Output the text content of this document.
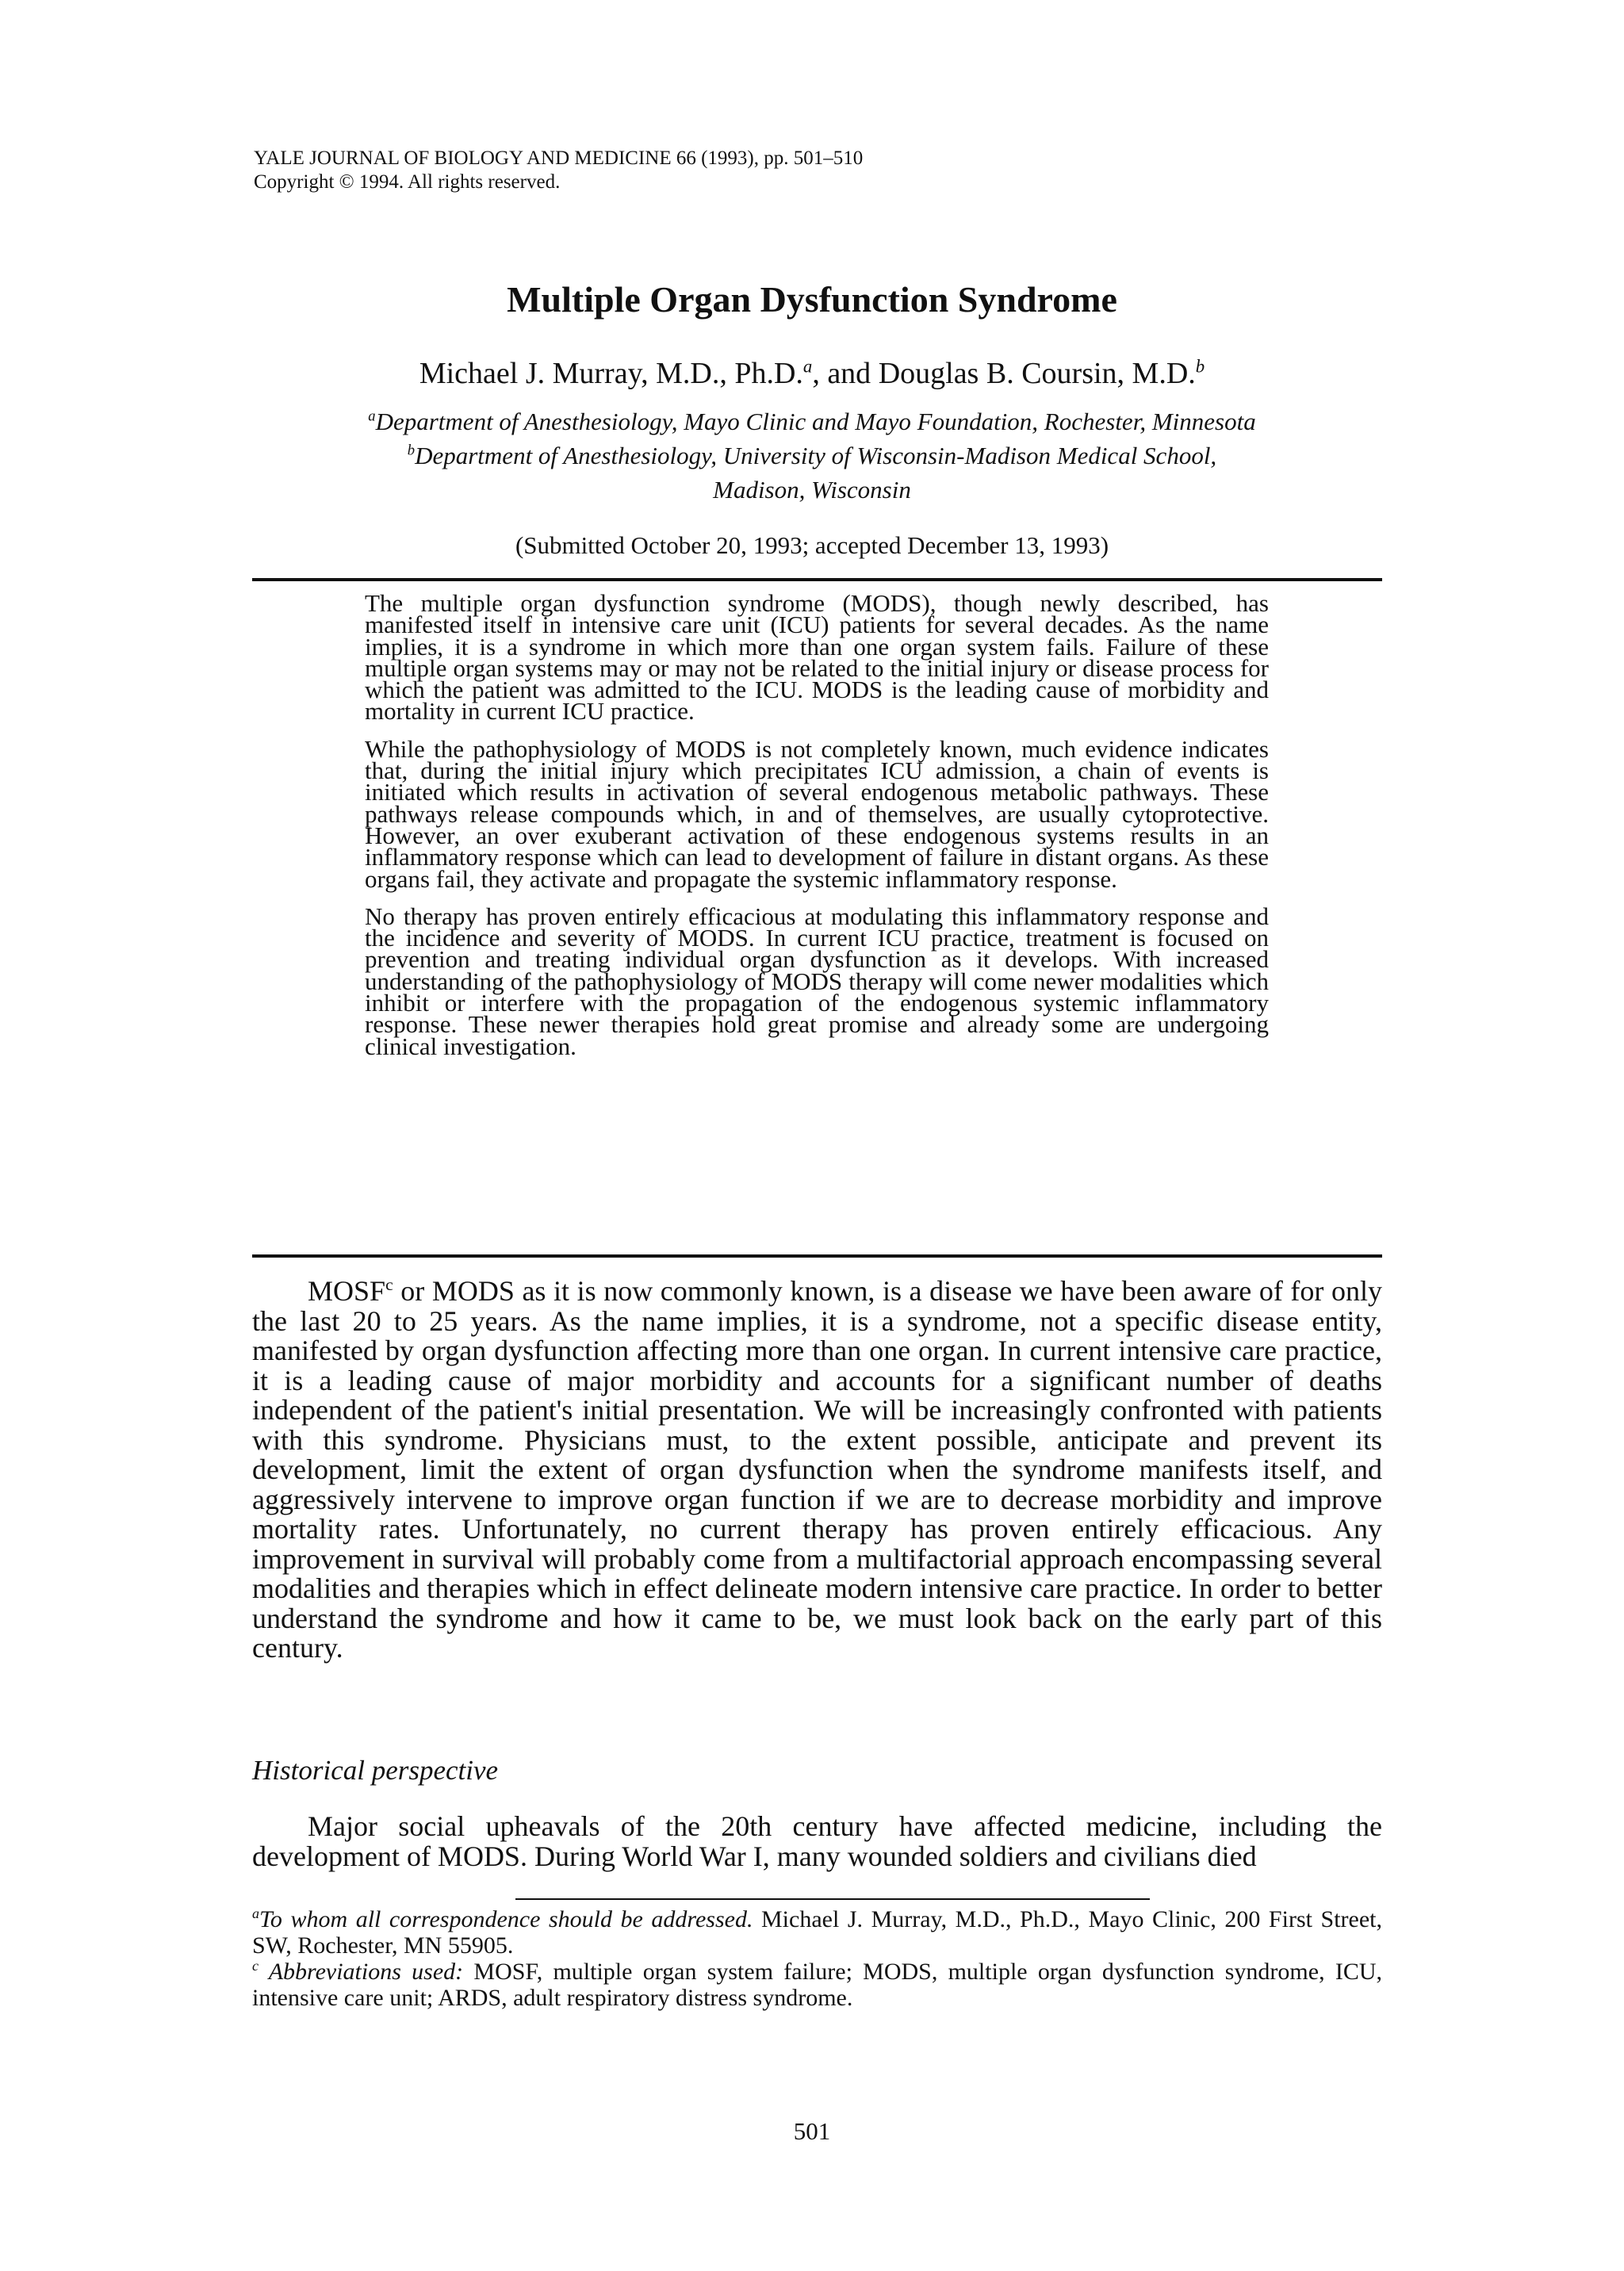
YALE JOURNAL OF BIOLOGY AND MEDICINE 66 (1993), pp. 501–510
Copyright © 1994. All rights reserved.
Multiple Organ Dysfunction Syndrome
Michael J. Murray, M.D., Ph.D.$^a$, and Douglas B. Coursin, M.D.$^b$
$^a$Department of Anesthesiology, Mayo Clinic and Mayo Foundation, Rochester, Minnesota
$^b$Department of Anesthesiology, University of Wisconsin-Madison Medical School,
Madison, Wisconsin
(Submitted October 20, 1993; accepted December 13, 1993)

The multiple organ dysfunction syndrome (MODS), though newly described, has manifested itself in intensive care unit (ICU) patients for several decades. As the name implies, it is a syndrome in which more than one organ system fails. Failure of these multiple organ systems may or may not be related to the initial injury or disease process for which the patient was admitted to the ICU. MODS is the leading cause of morbidity and mortality in current ICU practice.

While the pathophysiology of MODS is not completely known, much evidence indicates that, during the initial injury which precipitates ICU admission, a chain of events is initiated which results in activation of several endogenous metabolic pathways. These pathways release compounds which, in and of themselves, are usually cytoprotective. However, an over exuberant activation of these endogenous systems results in an inflammatory response which can lead to development of failure in distant organs. As these organs fail, they activate and propagate the systemic inflammatory response.

No therapy has proven entirely efficacious at modulating this inflammatory response and the incidence and severity of MODS. In current ICU practice, treatment is focused on prevention and treating individual organ dysfunction as it develops. With increased understanding of the pathophysiology of MODS therapy will come newer modalities which inhibit or interfere with the propagation of the endogenous systemic inflammatory response. These newer therapies hold great promise and already some are undergoing clinical investigation.

MOSF$^c$ or MODS as it is now commonly known, is a disease we have been aware of for only the last 20 to 25 years. As the name implies, it is a syndrome, not a specific disease entity, manifested by organ dysfunction affecting more than one organ. In current intensive care practice, it is a leading cause of major morbidity and accounts for a significant number of deaths independent of the patient's initial presentation. We will be increasingly confronted with patients with this syndrome. Physicians must, to the extent possible, anticipate and prevent its development, limit the extent of organ dysfunction when the syndrome manifests itself, and aggressively intervene to improve organ function if we are to decrease morbidity and improve mortality rates. Unfortunately, no current therapy has proven entirely efficacious. Any improvement in survival will probably come from a multifactorial approach encompassing several modalities and therapies which in effect delineate modern intensive care practice. In order to better understand the syndrome and how it came to be, we must look back on the early part of this century.

Historical perspective

Major social upheavals of the 20th century have affected medicine, including the development of MODS. During World War I, many wounded soldiers and civilians died

$^a$To whom all correspondence should be addressed. Michael J. Murray, M.D., Ph.D., Mayo Clinic, 200 First Street, SW, Rochester, MN 55905.

$^c$ Abbreviations used: MOSF, multiple organ system failure; MODS, multiple organ dysfunction syndrome, ICU, intensive care unit; ARDS, adult respiratory distress syndrome.

501
